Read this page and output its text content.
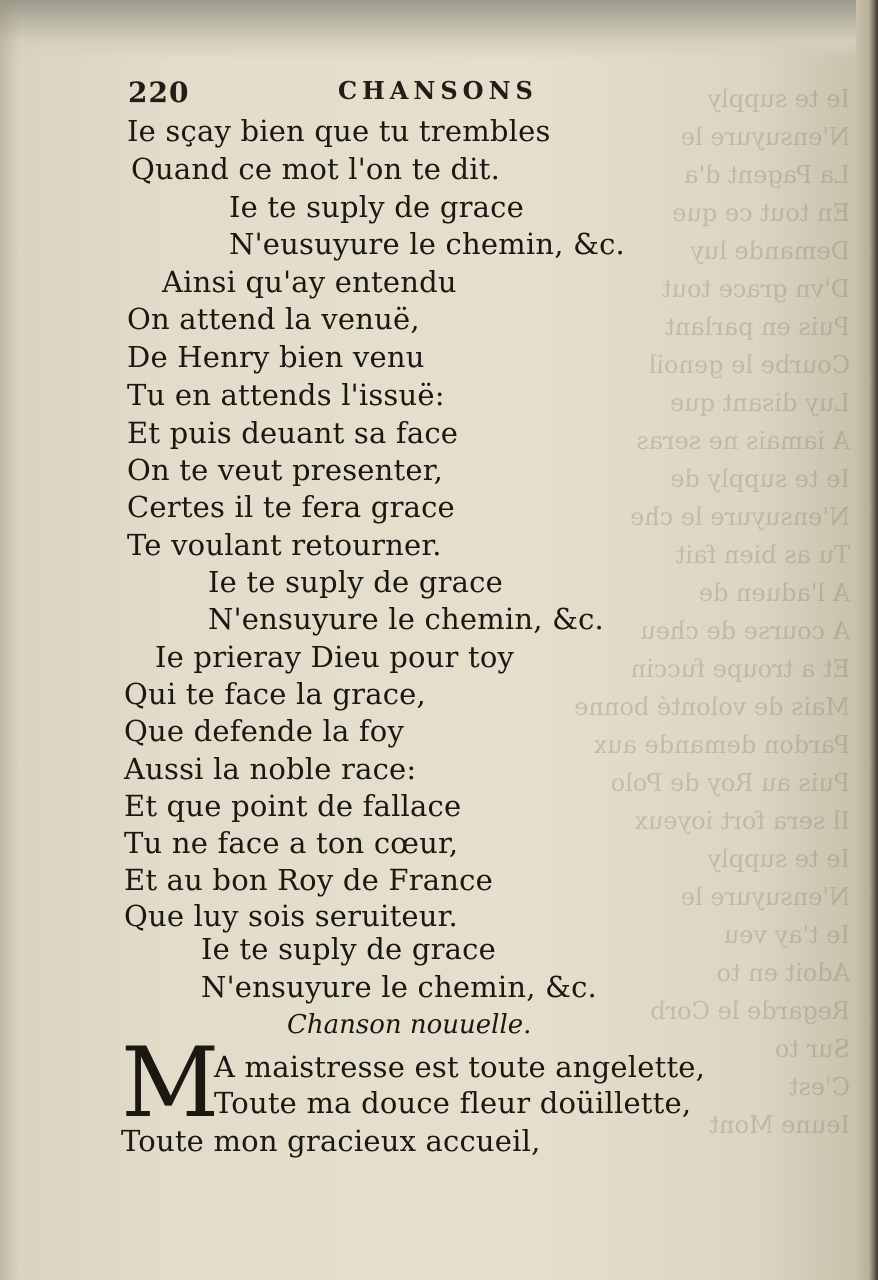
Ie te supply
N'ensuyure le
La Pagent d'a
En tout ce que
Demande luy
D'vn grace tout
Puis en parlant
Courbe le genoil
Luy disant que
A iamais ne seras
Ie te supply de
N'ensuyure le che
Tu as bien fait
A l'aduen de
A course de cheu
Et a troupe fuccin
Mais de volonté bonne
Pardon demande aux
Puis au Roy de Polo
Il sera fort ioyeux
Ie te supply
N'ensuyure le
Ie t'ay veu
Adoit en to
Regarde le Corb
Sur to
C'est
Ieune Mont
220	CHANSONS
Ie sçay bien que tu trembles
Quand ce mot l'on te dit.
Ie te suply de grace
N'eusuyure le chemin, &c.
Ainsi qu'ay entendu
On attend la venuë,
De Henry bien venu
Tu en attends l'issuë:
Et puis deuant sa face
On te veut presenter,
Certes il te fera grace
Te voulant retourner.
Ie te suply de grace
N'ensuyure le chemin, &c.
Ie prieray Dieu pour toy
Qui te face la grace,
Que defende la foy
Aussi la noble race:
Et que point de fallace
Tu ne face a ton cœur,
Et au bon Roy de France
Que luy sois seruiteur.
Ie te suply de grace
N'ensuyure le chemin, &c.
Chanson nouuelle.
M
A maistresse est toute angelette,
Toute ma douce fleur doüillette,
Toute mon gracieux accueil,
